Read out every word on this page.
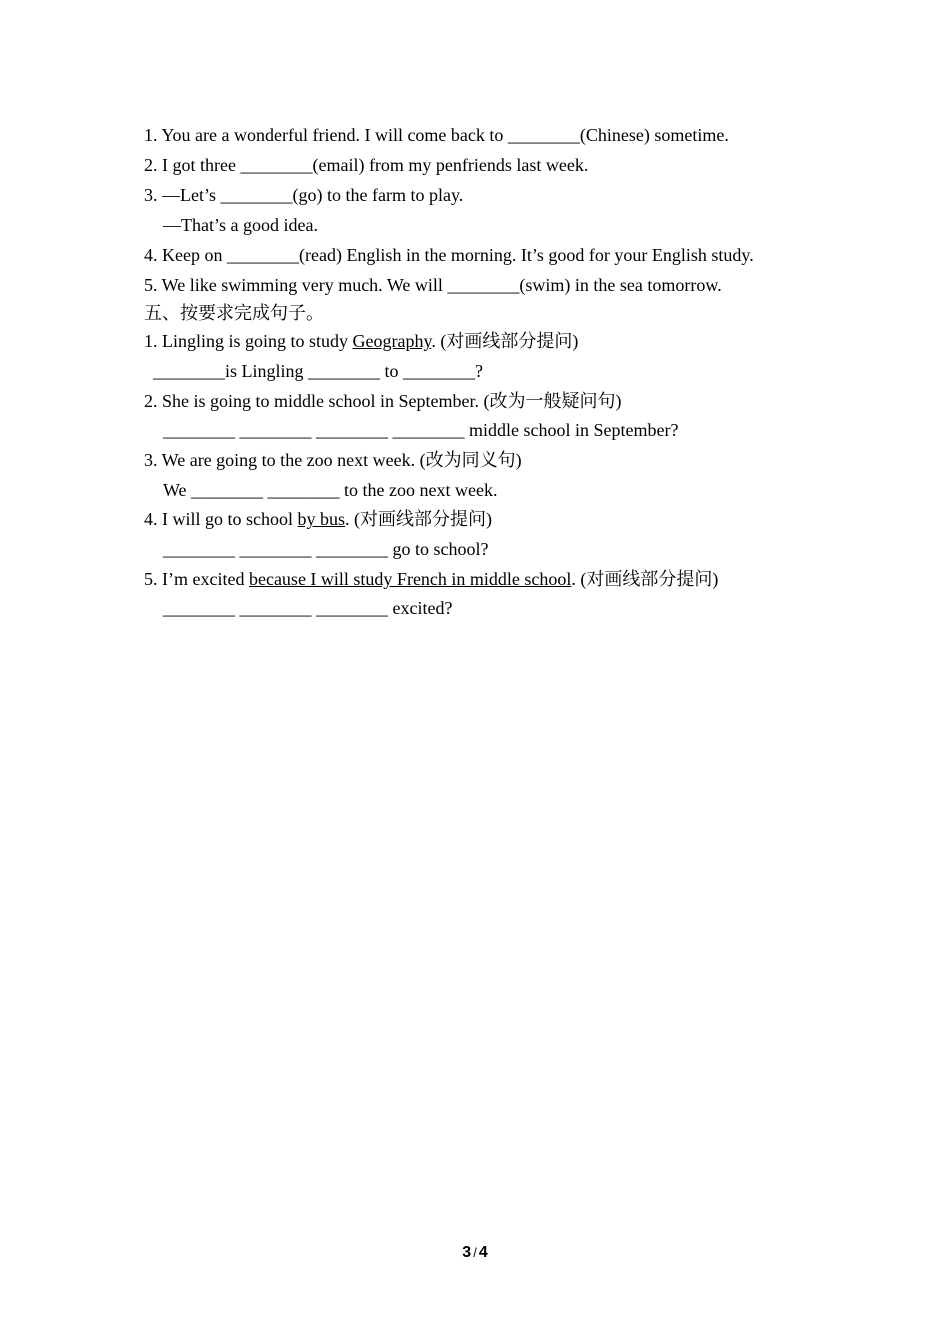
1. You are a wonderful friend. I will come back to ________(Chinese) sometime.
2. I got three ________(email) from my penfriends last week.
3. —Let’s ________(go) to the farm to play.
—That’s a good idea.
4. Keep on ________(read) English in the morning. It’s good for your English study.
5. We like swimming very much. We will ________(swim) in the sea tomorrow.
五、按要求完成句子。
1. Lingling is going to study Geography. (对画线部分提问)
________is Lingling ________ to ________?
2. She is going to middle school in September. (改为一般疑问句)
________ ________ ________ ________ middle school in September?
3. We are going to the zoo next week. (改为同义句)
We ________ ________ to the zoo next week.
4. I will go to school by bus. (对画线部分提问)
________ ________ ________ go to school?
5. I’m excited because I will study French in middle school. (对画线部分提问)
________ ________ ________ excited?
3 / 4
